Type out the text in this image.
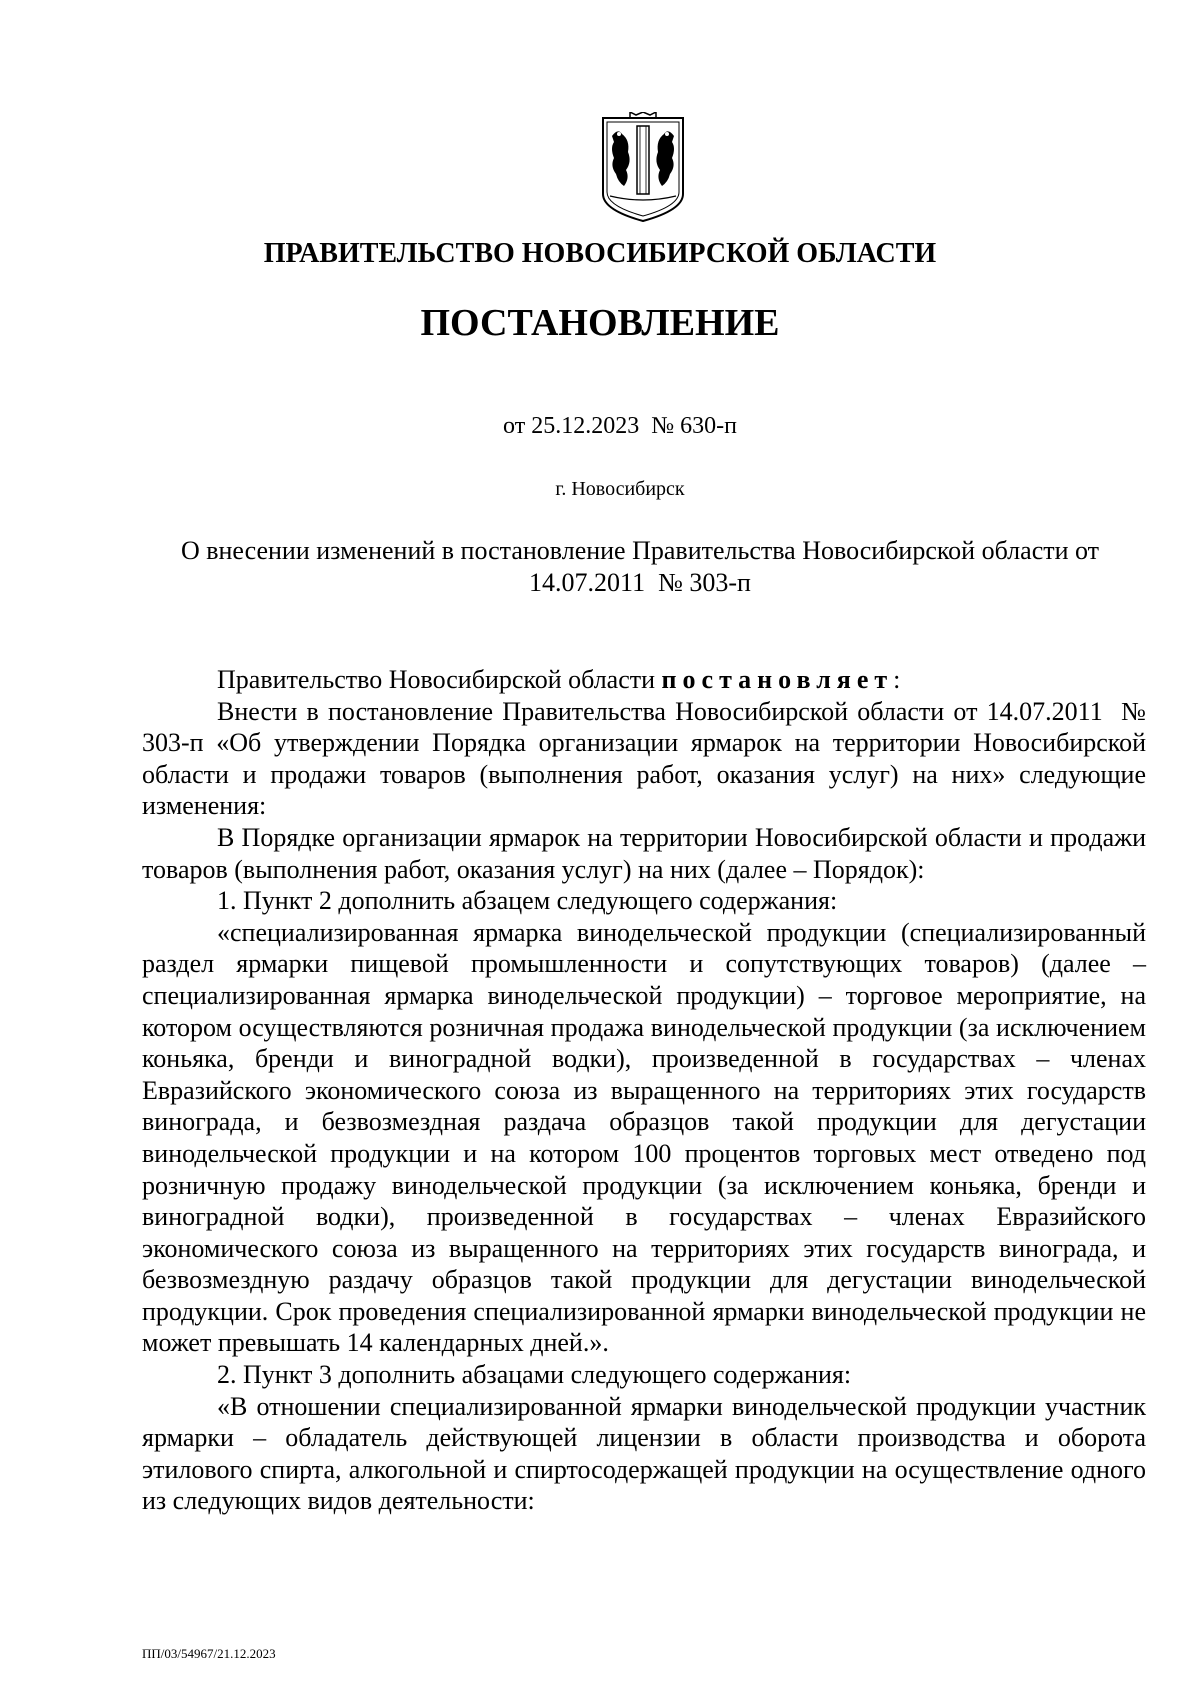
ПРАВИТЕЛЬСТВО НОВОСИБИРСКОЙ ОБЛАСТИ
ПОСТАНОВЛЕНИЕ
от 25.12.2023  № 630-п
г. Новосибирск
О внесении изменений в постановление Правительства Новосибирской области от 14.07.2011  № 303-п

Правительство Новосибирской области постановляет:

Внести в постановление Правительства Новосибирской области от 14.07.2011  № 303-п «Об утверждении Порядка организации ярмарок на территории Новосибирской области и продажи товаров (выполнения работ, оказания услуг) на них» следующие изменения:

В Порядке организации ярмарок на территории Новосибирской области и продажи товаров (выполнения работ, оказания услуг) на них (далее – Порядок):

1. Пункт 2 дополнить абзацем следующего содержания:

«специализированная ярмарка винодельческой продукции (специализированный раздел ярмарки пищевой промышленности и сопутствующих товаров) (далее – специализированная ярмарка винодельческой продукции) – торговое мероприятие, на котором осуществляются розничная продажа винодельческой продукции (за исключением коньяка, бренди и виноградной водки), произведенной в государствах – членах Евразийского экономического союза из выращенного на территориях этих государств винограда, и безвозмездная раздача образцов такой продукции для дегустации винодельческой продукции и на котором 100 процентов торговых мест отведено под розничную продажу винодельческой продукции (за исключением коньяка, бренди и виноградной водки), произведенной в государствах – членах Евразийского экономического союза из выращенного на территориях этих государств винограда, и безвозмездную раздачу образцов такой продукции для дегустации винодельческой продукции. Срок проведения специализированной ярмарки винодельческой продукции не может превышать 14 календарных дней.».

2. Пункт 3 дополнить абзацами следующего содержания:

«В отношении специализированной ярмарки винодельческой продукции участник ярмарки – обладатель действующей лицензии в области производства и оборота этилового спирта, алкогольной и спиртосодержащей продукции на осуществление одного из следующих видов деятельности:

ПП/03/54967/21.12.2023
